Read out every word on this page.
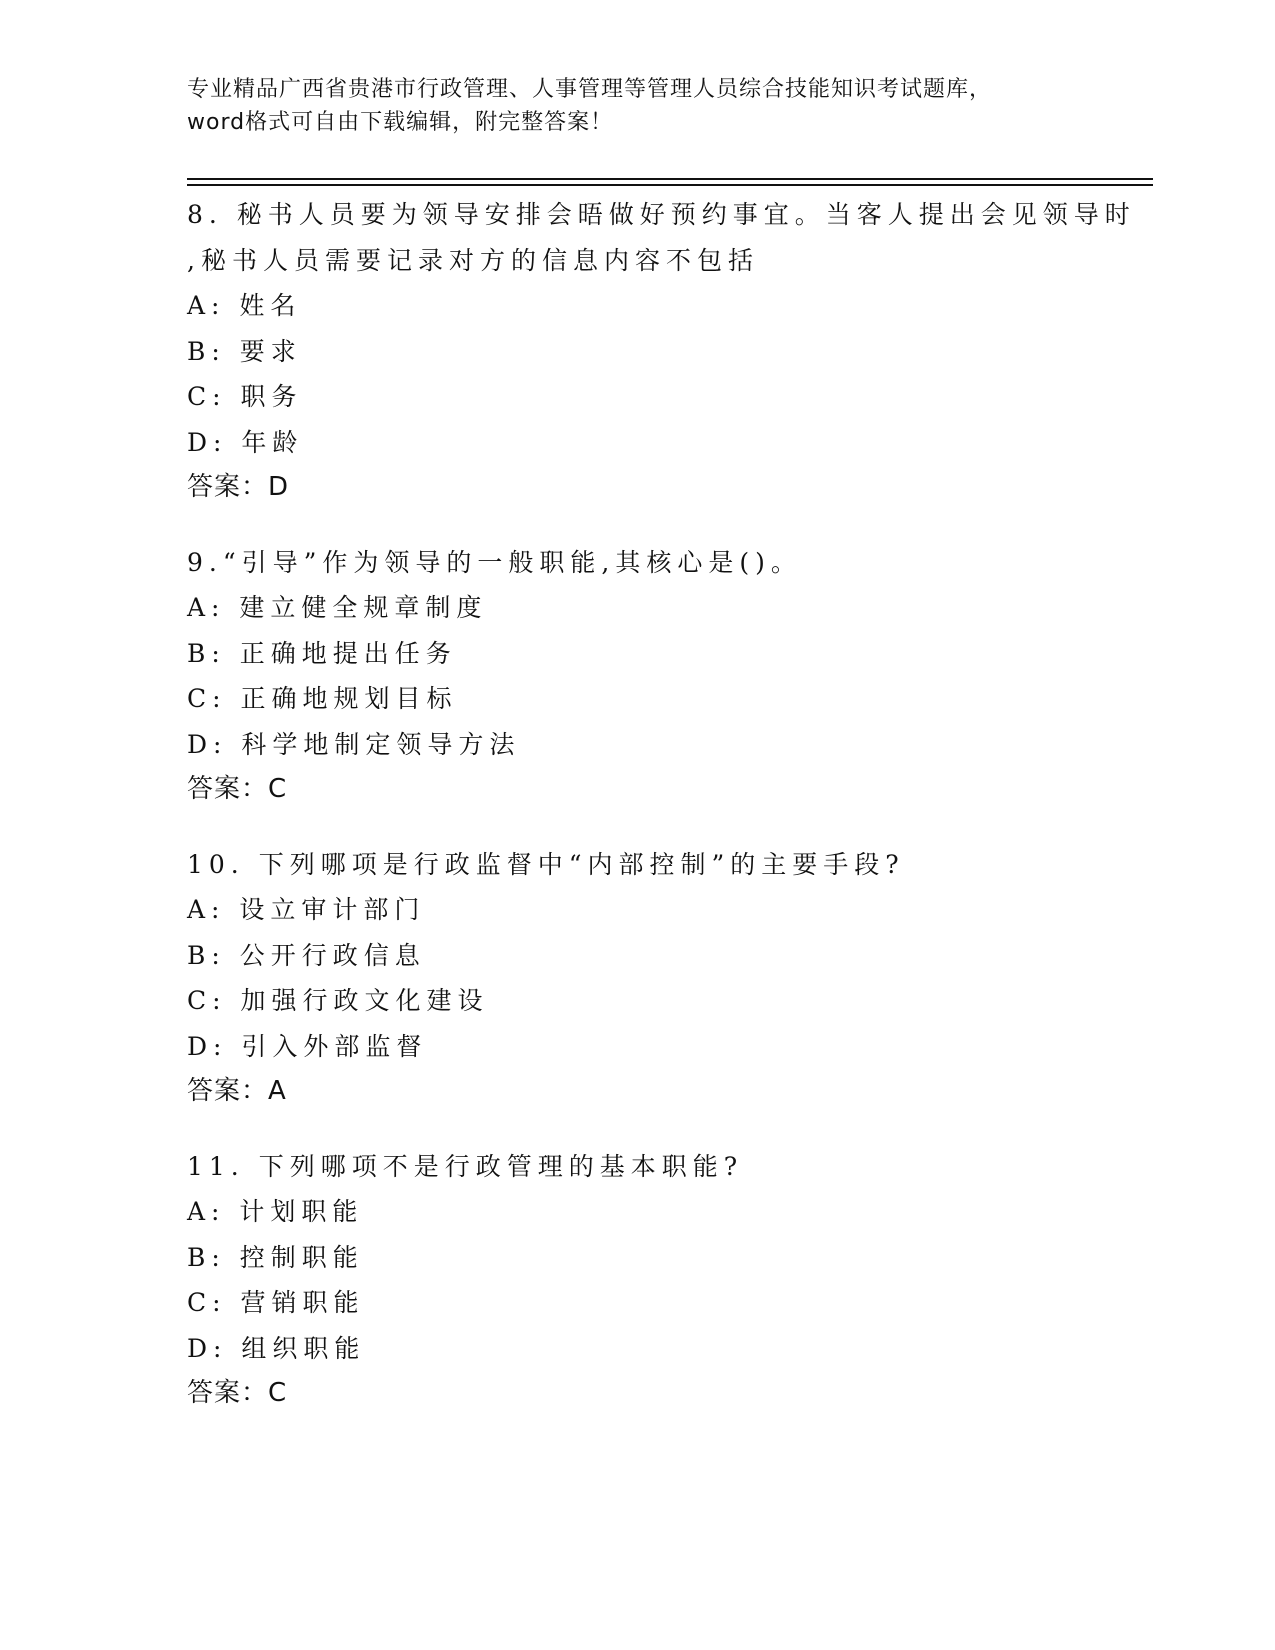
专业精品广西省贵港市行政管理、人事管理等管理人员综合技能知识考试题库，
word格式可自由下载编辑，附完整答案！
8. 秘书人员要为领导安排会晤做好预约事宜。当客人提出会见领导时
,秘书人员需要记录对方的信息内容不包括
A: 姓名
B: 要求
C: 职务
D: 年龄
答案：D
9.“引导”作为领导的一般职能,其核心是()。
A: 建立健全规章制度
B: 正确地提出任务
C: 正确地规划目标
D: 科学地制定领导方法
答案：C
10. 下列哪项是行政监督中“内部控制”的主要手段?
A: 设立审计部门
B: 公开行政信息
C: 加强行政文化建设
D: 引入外部监督
答案：A
11. 下列哪项不是行政管理的基本职能?
A: 计划职能
B: 控制职能
C: 营销职能
D: 组织职能
答案：C
